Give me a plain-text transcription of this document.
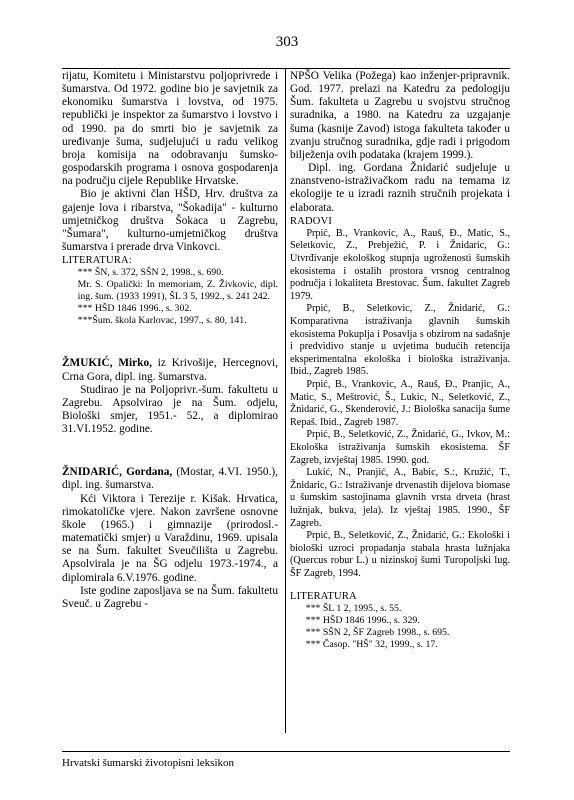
303

rijatu, Komitetu i Ministarstvu poljoprivrede i šumarstva. Od 1972. godine bio je savjetnik za ekonomiku šumarstva i lovstva, od 1975. republički je inspektor za šumarstvo i lovstvo i od 1990. pa do smrti bio je savjetnik za uređivanje šuma, sudjelujući u radu velikog broja komisija na odobravanju šumsko-gospodarskih programa i osnova gospodarenja na području cijele Republike Hrvatske.

Bio je aktivni član HŠD, Hrv. društva za gajenje lova i ribarstva, "Šokadija" - kulturno umjetničkog društva Šokaca u Zagrebu, "Šumara", kulturno-umjetničkog društva šumarstva i prerade drva Vinkovci.

LITERATURA:

*** ŠN, s. 372, SŠN 2, 1998., s. 690.

Mr. S. Opalički: In memoriam, Z. Živkovic, dipl. ing. šum. (1933 1991), ŠL 3 5, 1992., s. 241 242.

*** HŠD 1846 1996., s. 302.

***Šum. škola Karlovac, 1997., s. 80, 141.

ŽMUKIĆ, Mirko, iz Krivošije, Hercegnovi, Crna Gora, dipl. ing. šumarstva.

Studirao je na Poljoprivr.-šum. fakultetu u Zagrebu. Apsolvirao je na Šum. odjelu, Biološki smjer, 1951.- 52., a diplomirao 31.VI.1952. godine.

ŽNIDARIĆ, Gordana, (Mostar, 4.VI. 1950.), dipl. ing. šumarstva.

Kći Viktora i Terezije r. Kišak. Hrvatica, rimokatoličke vjere. Nakon završene osnovne škole (1965.) i gimnazije (prirodosl.-matematički smjer) u Varaždinu, 1969. upisala se na Šum. fakultet Sveučilišta u Zagrebu. Apsolvirala je na ŠG odjelu 1973.-1974., a diplomirala 6.V.1976. godine.

Iste godine zaposljava se na Šum. fakultetu Sveuč. u Zagrebu -

NPŠO Velika (Požega) kao inženjer-pripravnik. God. 1977. prelazi na Katedru za pedologiju Šum. fakulteta u Zagrebu u svojstvu stručnog suradnika, a 1980. na Katedru za uzgajanje šuma (kasnije Zavod) istoga fakulteta također u zvanju stručnog suradnika, gdje radi i prigodom bilježenja ovih podataka (krajem 1999.).

Dipl. ing. Gordana Žnidarić sudjeluje u znanstveno-istraživačkom radu na temama iz ekologije te u izradi raznih stručnih projekata i elaborata.

RADOVI

Prpić, B., Vrankovic, A., Rauš, Đ., Matic, S., Seletkovic, Z., Prebježić, P. i Žnidaric, G.: Utvrđivanje ekološkog stupnja ugroženosti šumskih ekosistema i ostalih prostora vrsnog centralnog područja i lokaliteta Brestovac. Šum. fakultet Zagreb 1979.

Prpić, B., Seletkovic, Z., Žnidarić, G.: Komparativna istraživanja glavnih šumskih ekosistema Pokuplja i Posavlja s obzirom na sadašnje i predvidivo stanje u uvjetima budućih retencija eksperimentalna ekološka i biološka istraživanja. Ibid., Zagreb 1985.

Prpić, B., Vrankovic, A., Rauš, Đ., Pranjic, A., Matic, S., Meštrović, Š., Lukic, N., Seletković, Z., Žnidarić, G., Skenderović, J.: Biološka sanacija šume Repaš. Ibid., Zagreb 1987.

Prpić, B., Seletković, Z., Žnidarić, G., Ivkov, M.: Ekološka istraživanja šumskih ekosistema. ŠF Zagreb, izvještaj 1985. 1990. god.

Lukić, N., Pranjić, A., Babic, S.:, Kružić, T., Žnidaric, G.: Istraživanje drvenastih dijelova biomase u šumskim sastojinama glavnih vrsta drveta (hrast lužnjak, bukva, jela). Iz vještaj 1985. 1990., ŠF Zagreb.

Prpić, B., Seletković, Z., Žnidarić, G.: Ekološki i biološki uzroci propadanja stabala hrasta lužnjaka (Quercus robur L.) u nizinskoj šumi Turopoljski lug. ŠF Zagreb, 1994.

LITERATURA

*** ŠL 1 2, 1995., s. 55.

*** HŠD 1846 1996., s. 329.

*** SŠN 2, ŠF Zagreb 1998., s. 695.

*** Časop. "HŠ" 32, 1999., s. 17.

Hrvatski šumarski životopisni leksikon
